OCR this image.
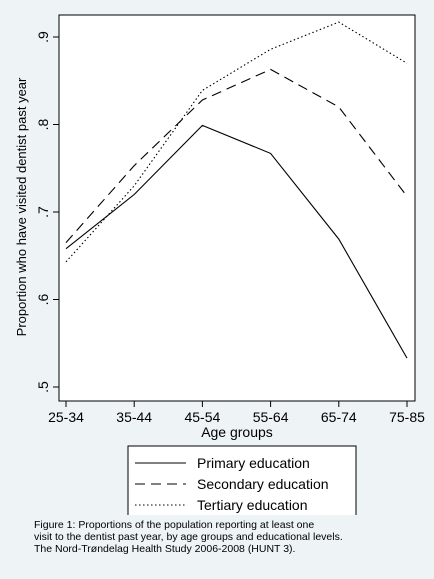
.5
.6
.7
.8
.9
25-34 35-44 45-54 55-64 65-74 75-85
Proportion who have visited dentist past year
Age groups
Primary education
Secondary education
Tertiary education
Figure 1: Proportions of the population reporting at least one
visit to the dentist past year, by age groups and educational levels.
The Nord-Trøndelag Health Study 2006-2008 (HUNT 3).
